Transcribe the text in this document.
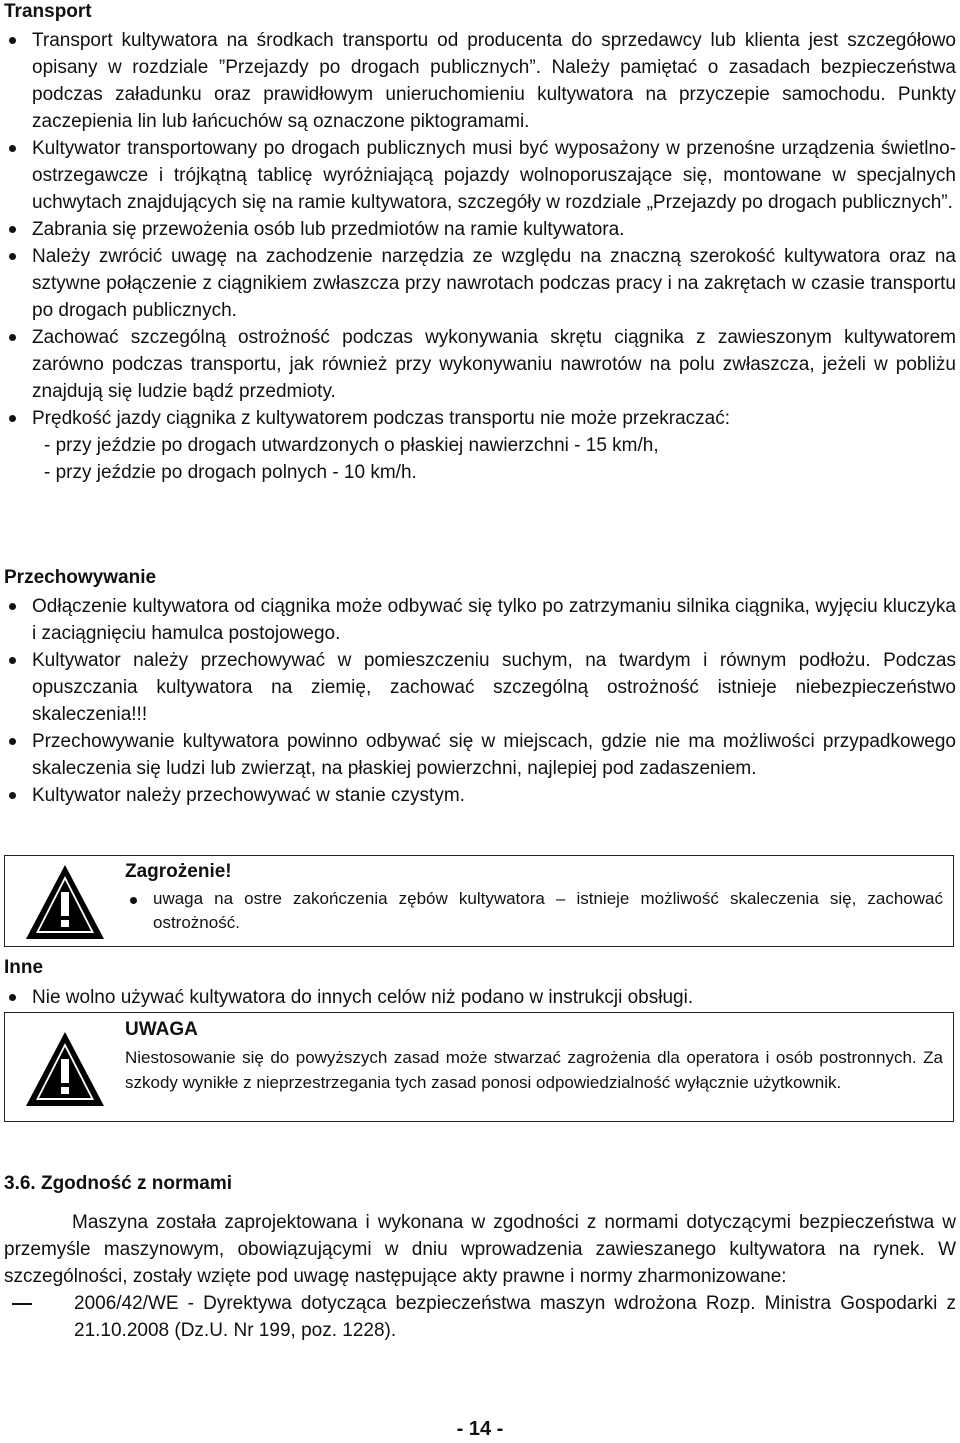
Transport
Transport kultywatora na środkach transportu od producenta do sprzedawcy lub klienta jest szczegółowo opisany w rozdziale ”Przejazdy po drogach publicznych”. Należy pamiętać o zasadach bezpieczeństwa podczas załadunku oraz prawidłowym unieruchomieniu kultywatora na przyczepie samochodu. Punkty zaczepienia lin lub łańcuchów są oznaczone piktogramami.
Kultywator transportowany po drogach publicznych musi być wyposażony w przenośne urządzenia świetlno-ostrzegawcze i trójkątną tablicę wyróżniającą pojazdy wolnoporuszające się, montowane w specjalnych uchwytach znajdujących się na ramie kultywatora, szczegóły w rozdziale „Przejazdy po drogach publicznych”.
Zabrania się przewożenia osób lub przedmiotów na ramie kultywatora.
Należy zwrócić uwagę na zachodzenie narzędzia ze względu na znaczną szerokość kultywatora oraz na sztywne połączenie z ciągnikiem zwłaszcza przy nawrotach podczas pracy i na zakrętach w czasie transportu po drogach publicznych.
Zachować szczególną ostrożność podczas wykonywania skrętu ciągnika z zawieszonym kultywatorem zarówno podczas transportu, jak również przy wykonywaniu nawrotów na polu zwłaszcza, jeżeli w pobliżu znajdują się ludzie bądź przedmioty.
Prędkość jazdy ciągnika z kultywatorem podczas transportu nie może przekraczać:
- przy jeździe po drogach utwardzonych o płaskiej nawierzchni - 15 km/h,
- przy jeździe po drogach polnych - 10 km/h.
Przechowywanie
Odłączenie kultywatora od ciągnika może odbywać się tylko po zatrzymaniu silnika ciągnika, wyjęciu kluczyka i zaciągnięciu hamulca postojowego.
Kultywator należy przechowywać w pomieszczeniu suchym, na twardym i równym podłożu. Podczas opuszczania kultywatora na ziemię, zachować szczególną ostrożność istnieje niebezpieczeństwo skaleczenia!!!
Przechowywanie kultywatora powinno odbywać się w miejscach, gdzie nie ma możliwości przypadkowego skaleczenia się ludzi lub zwierząt, na płaskiej powierzchni, najlepiej pod zadaszeniem.
Kultywator należy przechowywać w stanie czystym.
Zagrożenie!
uwaga na ostre zakończenia zębów kultywatora – istnieje możliwość skaleczenia się, zachować ostrożność.
Inne
Nie wolno używać kultywatora do innych celów niż podano w instrukcji obsługi.
UWAGA

Niestosowanie się do powyższych zasad może stwarzać zagrożenia dla operatora i osób postronnych. Za szkody wynikłe z nieprzestrzegania tych zasad ponosi odpowiedzialność wyłącznie użytkownik.

3.6. Zgodność z normami

Maszyna została zaprojektowana i wykonana w zgodności z normami dotyczącymi bezpieczeństwa w przemyśle maszynowym, obowiązującymi w dniu wprowadzenia zawieszanego kultywatora na rynek. W szczególności, zostały wzięte pod uwagę następujące akty prawne i normy zharmonizowane:

2006/42/WE - Dyrektywa dotycząca bezpieczeństwa maszyn wdrożona Rozp. Ministra Gospodarki z 21.10.2008 (Dz.U. Nr 199, poz. 1228).
- 14 -
